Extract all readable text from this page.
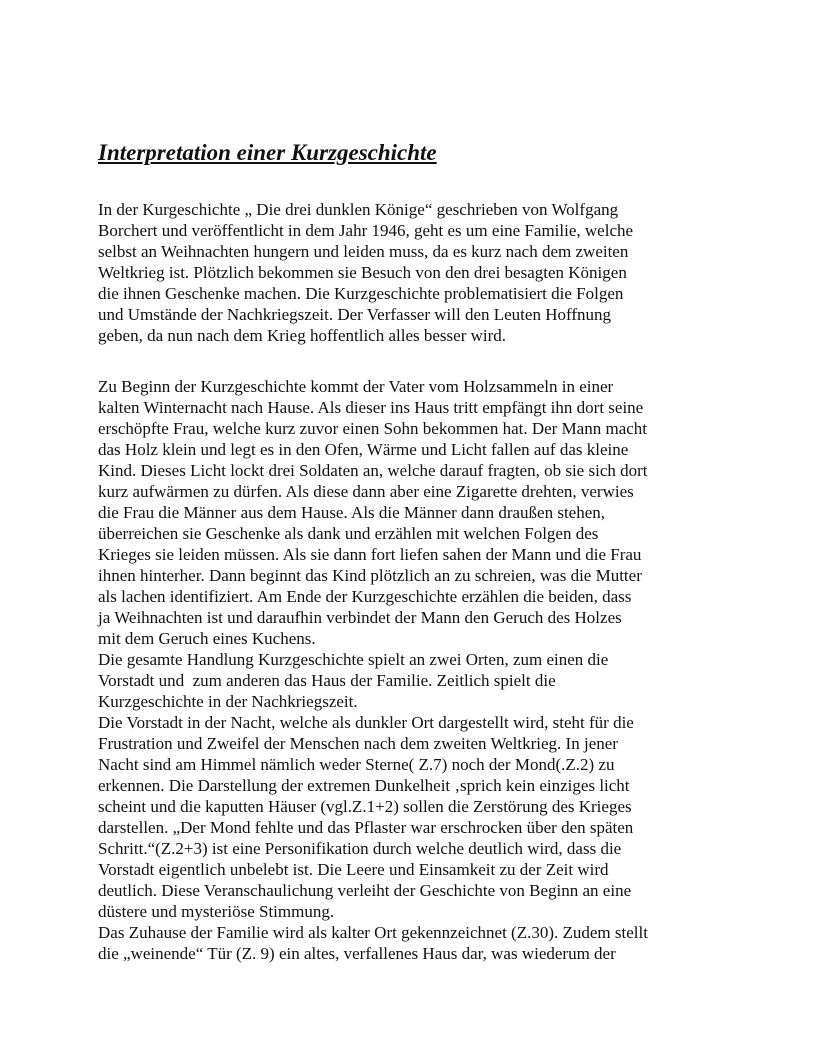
Interpretation einer Kurzgeschichte
In der Kurgeschichte „ Die drei dunklen Könige“ geschrieben von Wolfgang
Borchert und veröffentlicht in dem Jahr 1946, geht es um eine Familie, welche
selbst an Weihnachten hungern und leiden muss, da es kurz nach dem zweiten
Weltkrieg ist. Plötzlich bekommen sie Besuch von den drei besagten Königen
die ihnen Geschenke machen. Die Kurzgeschichte problematisiert die Folgen
und Umstände der Nachkriegszeit. Der Verfasser will den Leuten Hoffnung
geben, da nun nach dem Krieg hoffentlich alles besser wird.
Zu Beginn der Kurzgeschichte kommt der Vater vom Holzsammeln in einer
kalten Winternacht nach Hause. Als dieser ins Haus tritt empfängt ihn dort seine
erschöpfte Frau, welche kurz zuvor einen Sohn bekommen hat. Der Mann macht
das Holz klein und legt es in den Ofen, Wärme und Licht fallen auf das kleine
Kind. Dieses Licht lockt drei Soldaten an, welche darauf fragten, ob sie sich dort
kurz aufwärmen zu dürfen. Als diese dann aber eine Zigarette drehten, verwies
die Frau die Männer aus dem Hause. Als die Männer dann draußen stehen,
überreichen sie Geschenke als dank und erzählen mit welchen Folgen des
Krieges sie leiden müssen. Als sie dann fort liefen sahen der Mann und die Frau
ihnen hinterher. Dann beginnt das Kind plötzlich an zu schreien, was die Mutter
als lachen identifiziert. Am Ende der Kurzgeschichte erzählen die beiden, dass
ja Weihnachten ist und daraufhin verbindet der Mann den Geruch des Holzes
mit dem Geruch eines Kuchens.
Die gesamte Handlung Kurzgeschichte spielt an zwei Orten, zum einen die
Vorstadt und  zum anderen das Haus der Familie. Zeitlich spielt die
Kurzgeschichte in der Nachkriegszeit.
Die Vorstadt in der Nacht, welche als dunkler Ort dargestellt wird, steht für die
Frustration und Zweifel der Menschen nach dem zweiten Weltkrieg. In jener
Nacht sind am Himmel nämlich weder Sterne( Z.7) noch der Mond(.Z.2) zu
erkennen. Die Darstellung der extremen Dunkelheit ‚sprich kein einziges licht
scheint und die kaputten Häuser (vgl.Z.1+2) sollen die Zerstörung des Krieges
darstellen. „Der Mond fehlte und das Pflaster war erschrocken über den späten
Schritt.“(Z.2+3) ist eine Personifikation durch welche deutlich wird, dass die
Vorstadt eigentlich unbelebt ist. Die Leere und Einsamkeit zu der Zeit wird
deutlich. Diese Veranschaulichung verleiht der Geschichte von Beginn an eine
düstere und mysteriöse Stimmung.
Das Zuhause der Familie wird als kalter Ort gekennzeichnet (Z.30). Zudem stellt
die „weinende“ Tür (Z. 9) ein altes, verfallenes Haus dar, was wiederum der
